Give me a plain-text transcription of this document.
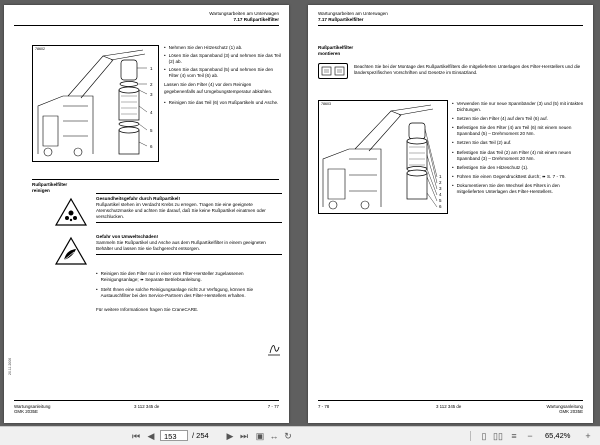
Wartungsarbeiten am Unterwagen
7.17 Rußpartikelfilter
78602
1
2
3
4
5
6
• Nehmen Sie den Hitzeschutz (1) ab.
• Lösen Sie das Spannband (3) und nehmen Sie das Teil (2) ab.
• Lösen Sie das Spannband (5) und nehmen Sie den Filter (4) vom Teil (6) ab.
Lassen Sie den Filter (4) vor dem Reinigen gegebenenfalls auf Umgebungstemperatur abkühlen.
• Reinigen Sie das Teil (6) von Rußpartikeln und Asche.
Rußpartikelfilter
reinigen
Gesundheitsgefahr durch Rußpartikel!
Rußpartikel stehen im Verdacht Krebs zu erregen. Tragen Sie eine geeignete Atemschutzmaske und achten Sie darauf, daß Sie keine Rußpartikel einatmen oder verschlucken.
Gefahr von Umweltschäden!
Sammeln Sie Rußpartikel und Asche aus dem Rußpartikelfilter in einem geeigneten Behälter und lassen Sie sie fachgerecht entsorgen.
• Reinigen Sie den Filter nur in einer vom Filter-Hersteller zugelassenen Reinigungsanlage; ➠ Separate Betriebsanleitung.
• Steht Ihnen eine solche Reinigungsanlage nicht zur Verfügung, können Sie Austauschfilter bei den Service-Partnern des Filter-Herstellers erhalten.
Für weitere Informationen fragen Sie CraneCARE.
20.11.2006
Wartungsanleitung
GMK 2035E
3 112 345 de	7 - 77
Wartungsarbeiten am Unterwagen
7.17 Rußpartikelfilter
Rußpartikelfilter
montieren
Beachten Sie bei der Montage des Rußpartikelfilters die mitgelieferten Unterlagen des Filter-Herstellers und die länderspezifischen Vorschriften und Gesetze im Einsatzland.
78603
1
2
3
4
5
6
• Verwenden Sie nur neue Spannbänder (3) und (5) mit intakten Dichtungen.
• Setzen Sie den Filter (4) auf dem Teil (6) auf.
• Befestigen Sie den Filter (4) am Teil (6) mit einem neuen Spannband (5) – Drehmoment 20 Nm.
• Setzen Sie das Teil (2) auf.
• Befestigen Sie das Teil (2) am Filter (4) mit einem neuen Spannband (3) – Drehmoment 20 Nm.
• Befestigen Sie den Hitzeschutz (1).
• Führen Sie einen Gegendruckttest durch; ➠ S. 7 - 79.
• Dokumentieren Sie den Wechsel des Filters in den mitgelieferten Unterlagen des Filter-Herstellers.
7 - 78	3 112 345 de	Wartungsanleitung
GMK 2035E
⏮ ◀	153	/ 254 ▶ ⏭ ▣ ↔ ↻	▯ ▯▯ ≡	−	65,42%	+
